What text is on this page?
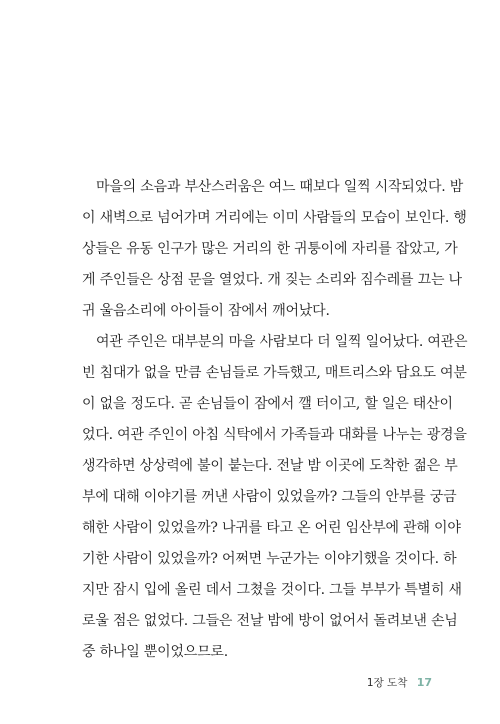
마을의 소음과 부산스러움은 여느 때보다 일찍 시작되었다. 밤
이 새벽으로 넘어가며 거리에는 이미 사람들의 모습이 보인다. 행
상들은 유동 인구가 많은 거리의 한 귀퉁이에 자리를 잡았고, 가
게 주인들은 상점 문을 열었다. 개 짖는 소리와 짐수레를 끄는 나
귀 울음소리에 아이들이 잠에서 깨어났다.
여관 주인은 대부분의 마을 사람보다 더 일찍 일어났다. 여관은
빈 침대가 없을 만큼 손님들로 가득했고, 매트리스와 담요도 여분
이 없을 정도다. 곧 손님들이 잠에서 깰 터이고, 할 일은 태산이
었다. 여관 주인이 아침 식탁에서 가족들과 대화를 나누는 광경을
생각하면 상상력에 불이 붙는다. 전날 밤 이곳에 도착한 젊은 부
부에 대해 이야기를 꺼낸 사람이 있었을까? 그들의 안부를 궁금
해한 사람이 있었을까? 나귀를 타고 온 어린 임산부에 관해 이야
기한 사람이 있었을까? 어쩌면 누군가는 이야기했을 것이다. 하
지만 잠시 입에 올린 데서 그쳤을 것이다. 그들 부부가 특별히 새
로울 점은 없었다. 그들은 전날 밤에 방이 없어서 돌려보낸 손님
중 하나일 뿐이었으므로.
1장 도착 17
